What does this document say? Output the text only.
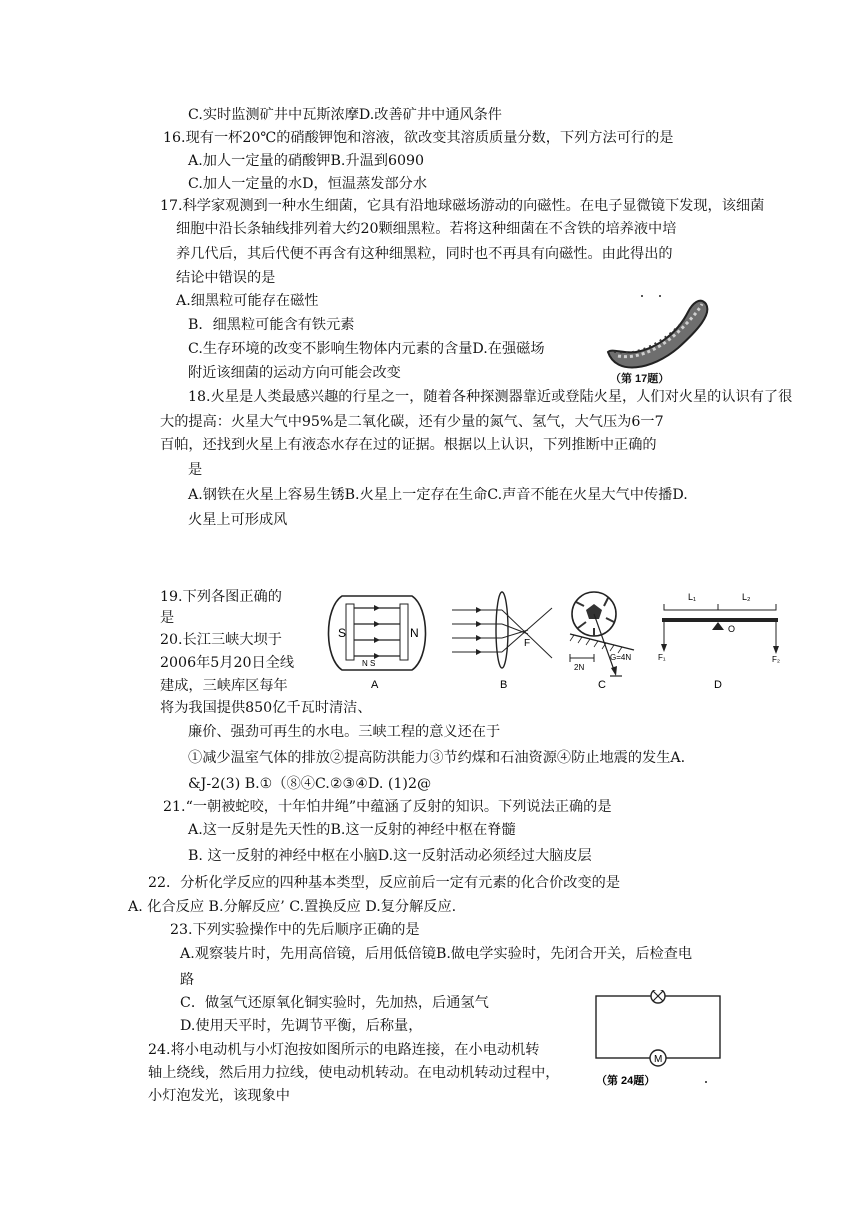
C.实时监测矿井中瓦斯浓摩D.改善矿井中通风条件
16.现有一杯20℃的硝酸钾饱和溶液，欲改变其溶质质量分数，下列方法可行的是
A.加人一定量的硝酸钾B.升温到6090
C.加人一定量的水D，恒温蒸发部分水
17.科学家观测到一种水生细菌，它具有沿地球磁场游动的向磁性。在电子显微镜下发现，该细菌
细胞中沿长条轴线排列着大约20颗细黑粒。若将这种细菌在不含铁的培养液中培
养几代后，其后代便不再含有这种细黑粒，同时也不再具有向磁性。由此得出的
结论中错误的是
A.细黑粒可能存在磁性
B．细黑粒可能含有铁元素
C.生存环境的改变不影响生物体内元素的含量D.在强磁场
附近该细菌的运动方向可能会改变
18.火星是人类最感兴趣的行星之一，随着各种探测器靠近或登陆火星，人们对火星的认识有了很
大的提高：火星大气中95%是二氧化碳，还有少量的氮气、氢气，大气压为6一7
百帕，还找到火星上有液态水存在过的证据。根据以上认识，下列推断中正确的
是
A.钢铁在火星上容易生锈B.火星上一定存在生命C.声音不能在火星大气中传播D.
火星上可形成风
19.下列各图正确的
是
20.长江三峡大坝于
2006年5月20日全线
建成，三峡库区每年
将为我国提供850亿千瓦时清洁、
廉价、强劲可再生的水电。三峡工程的意义还在于
①减少温室气体的排放②提高防洪能力③节约煤和石油资源④防止地震的发生A.
&J-2(3) B.①（⑧④C.②③④D. (1)2@
21.“一朝被蛇咬，十年怕井绳”中蕴涵了反射的知识。下列说法正确的是
A.这一反射是先天性的B.这一反射的神经中枢在脊髓
B. 这一反射的神经中枢在小脑D.这一反射活动必须经过大脑皮层
22．分析化学反应的四种基本类型，反应前后一定有元素的化合价改变的是
A. 化合反应 B.分解反应’ C.置换反应 D.复分解反应.
23.下列实验操作中的先后顺序正确的是
A.观察装片时，先用高倍镜，后用低倍镜B.做电学实验时，先闭合开关，后检查电
路
C．做氢气还原氧化铜实验时，先加热，后通氢气
D.使用天平时，先调节平衡，后称量，
24.将小电动机与小灯泡按如图所示的电路连接，在小电动机转
轴上绕线，然后用力拉线，使电动机转动。在电动机转动过程中，
小灯泡发光，该现象中
（第 17题）
S	N
N S
A
F
B
2N
G=4N
C
L₁	L₂
O
F₁	F₂
D
M
（第 24题）
